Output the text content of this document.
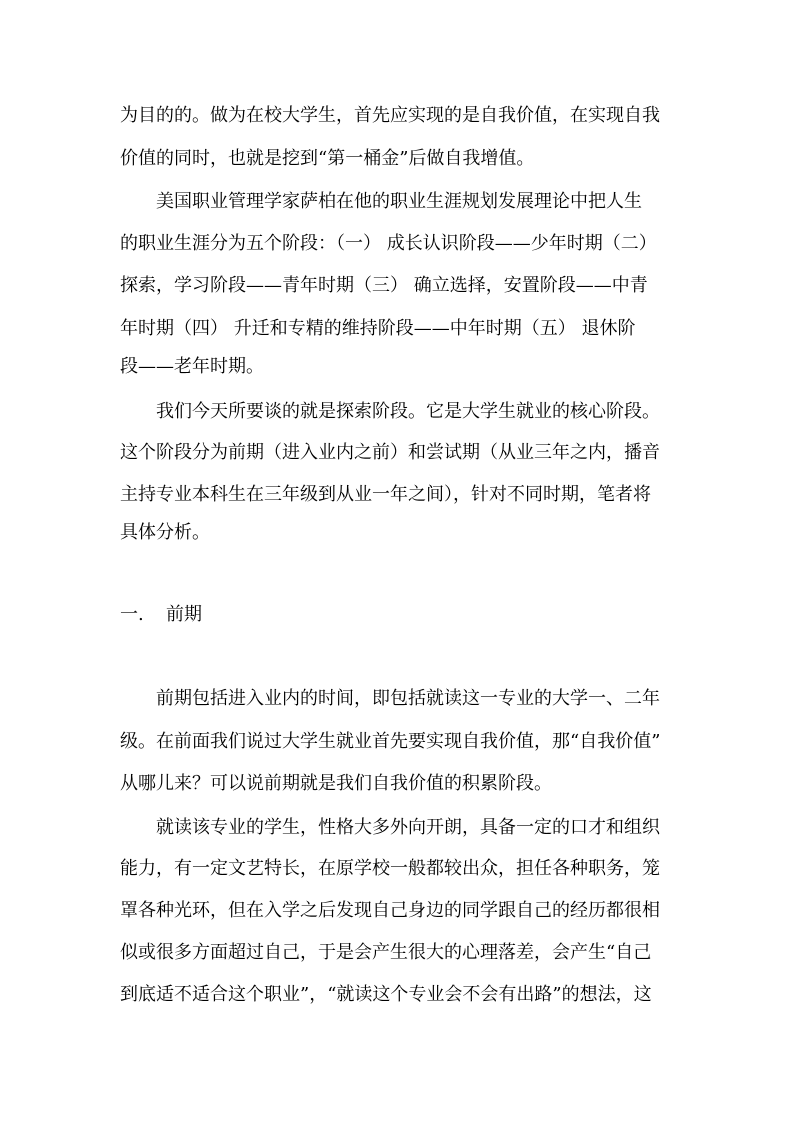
为目的的。做为在校大学生，首先应实现的是自我价值，在实现自我
价值的同时，也就是挖到“第一桶金”后做自我增值。
美国职业管理学家萨柏在他的职业生涯规划发展理论中把人生
的职业生涯分为五个阶段：（一） 成长认识阶段——少年时期（二）
探索，学习阶段——青年时期（三） 确立选择，安置阶段——中青
年时期（四） 升迁和专精的维持阶段——中年时期（五） 退休阶
段——老年时期。
我们今天所要谈的就是探索阶段。它是大学生就业的核心阶段。
这个阶段分为前期（进入业内之前）和尝试期（从业三年之内，播音
主持专业本科生在三年级到从业一年之间），针对不同时期，笔者将
具体分析。
一. 前期
前期包括进入业内的时间，即包括就读这一专业的大学一、二年
级。在前面我们说过大学生就业首先要实现自我价值，那“自我价值”
从哪儿来？可以说前期就是我们自我价值的积累阶段。
就读该专业的学生，性格大多外向开朗，具备一定的口才和组织
能力，有一定文艺特长，在原学校一般都较出众，担任各种职务，笼
罩各种光环，但在入学之后发现自己身边的同学跟自己的经历都很相
似或很多方面超过自己，于是会产生很大的心理落差，会产生“自己
到底适不适合这个职业”，“就读这个专业会不会有出路”的想法，这
